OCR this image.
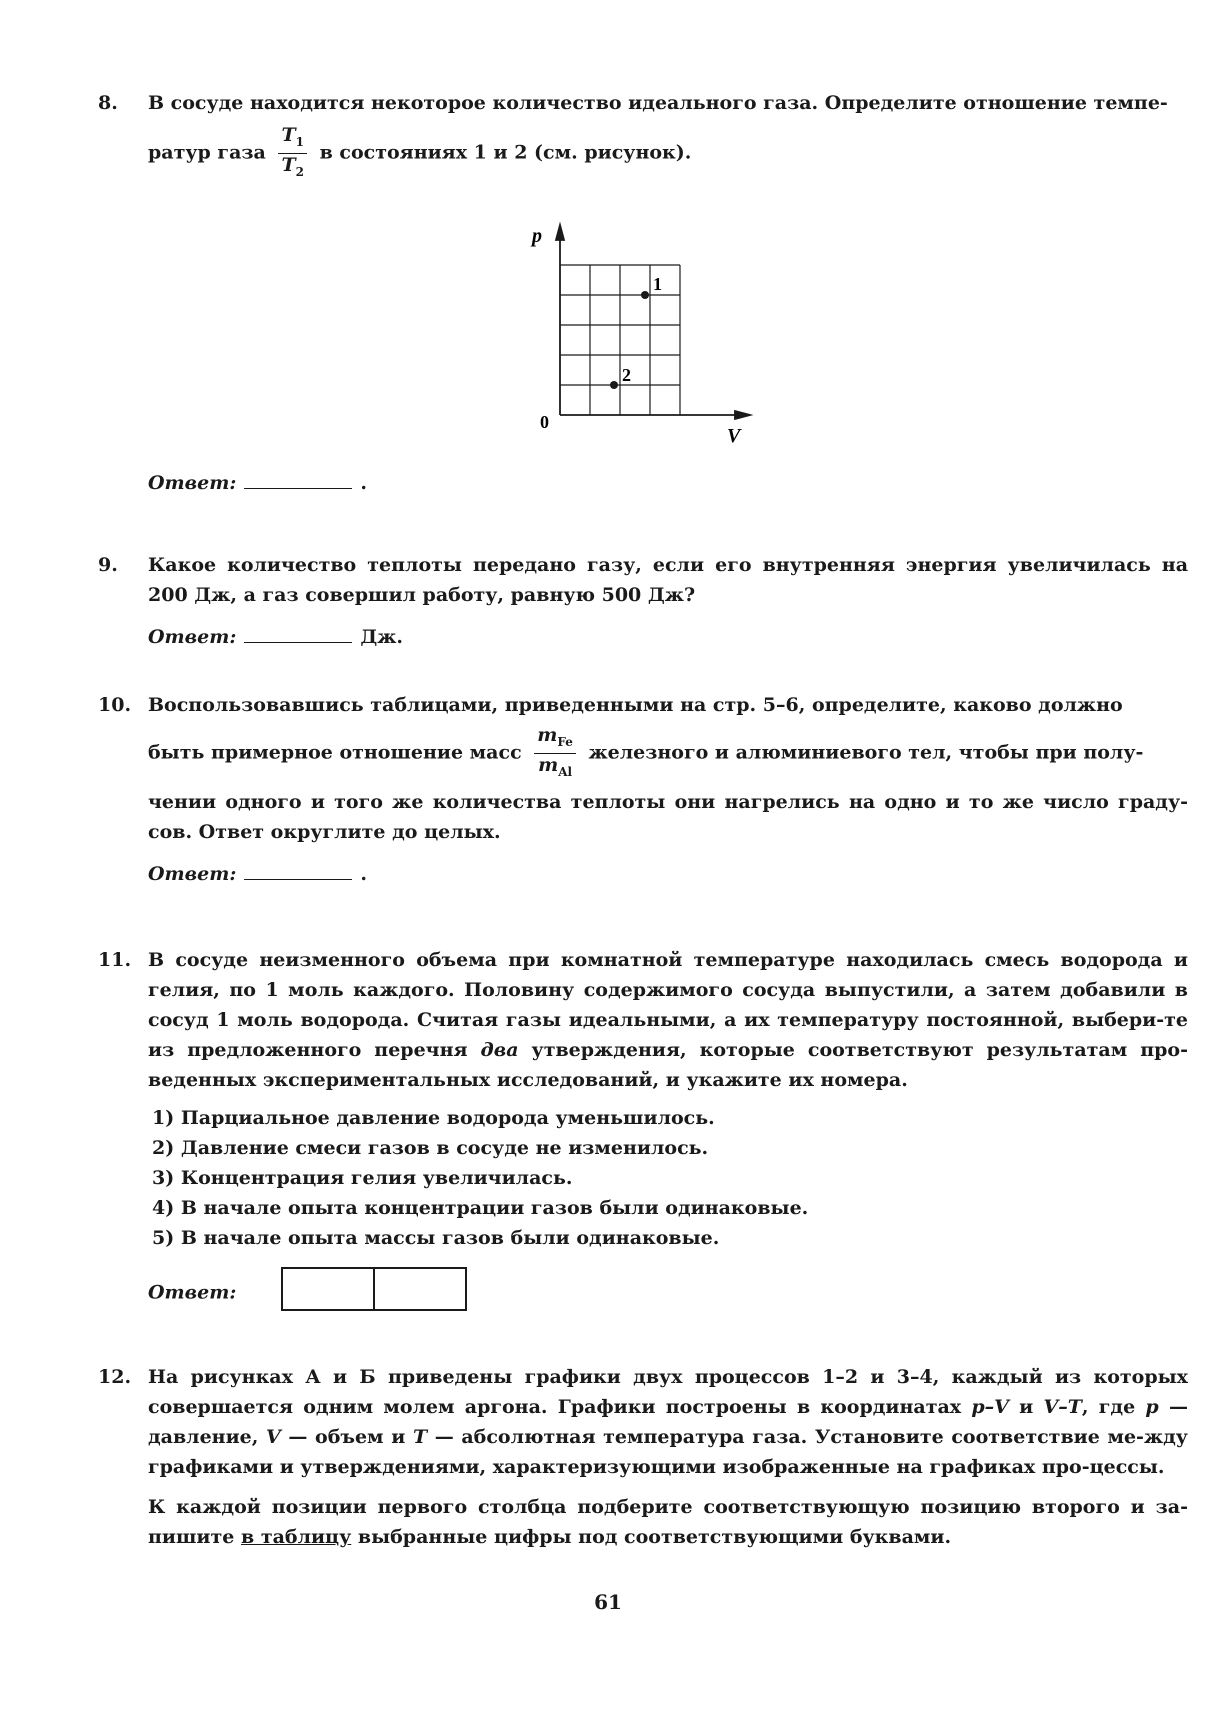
8. В сосуде находится некоторое количество идеального газа. Определите отношение темпе-

ратур газа $\frac{T_1}{T_2}$ в состояниях 1 и 2 (см. рисунок).

p
V
0
1
2
Ответ:	.
9. Какое количество теплоты передано газу, если его внутренняя энергия увеличилась на 200 Дж, а газ совершил работу, равную 500 Дж?

Ответ:	Дж.

10. Воспользовавшись таблицами, приведенными на стр. 5–6, определите, каково должно

быть примерное отношение масс $\frac{m_{Fe}}{m_{Al}}$ железного и алюминиевого тел, чтобы при полу-

чении одного и того же количества теплоты они нагрелись на одно и то же число граду-сов. Ответ округлите до целых.

Ответ:	.

11. В сосуде неизменного объема при комнатной температуре находилась смесь водорода и гелия, по 1 моль каждого. Половину содержимого сосуда выпустили, а затем добавили в сосуд 1 моль водорода. Считая газы идеальными, а их температуру постоянной, выбери-те из предложенного перечня два утверждения, которые соответствуют результатам про-веденных экспериментальных исследований, и укажите их номера.

1) Парциальное давление водорода уменьшилось.
2) Давление смеси газов в сосуде не изменилось.
3) Концентрация гелия увеличилась.
4) В начале опыта концентрации газов были одинаковые.
5) В начале опыта массы газов были одинаковые.

Ответ:

12. На рисунках А и Б приведены графики двух процессов 1–2 и 3–4, каждый из которых совершается одним молем аргона. Графики построены в координатах p–V и V–T, где p — давление, V — объем и T — абсолютная температура газа. Установите соответствие ме-жду графиками и утверждениями, характеризующими изображенные на графиках про-цессы.

К каждой позиции первого столбца подберите соответствующую позицию второго и за-пишите в таблицу выбранные цифры под соответствующими буквами.

61
